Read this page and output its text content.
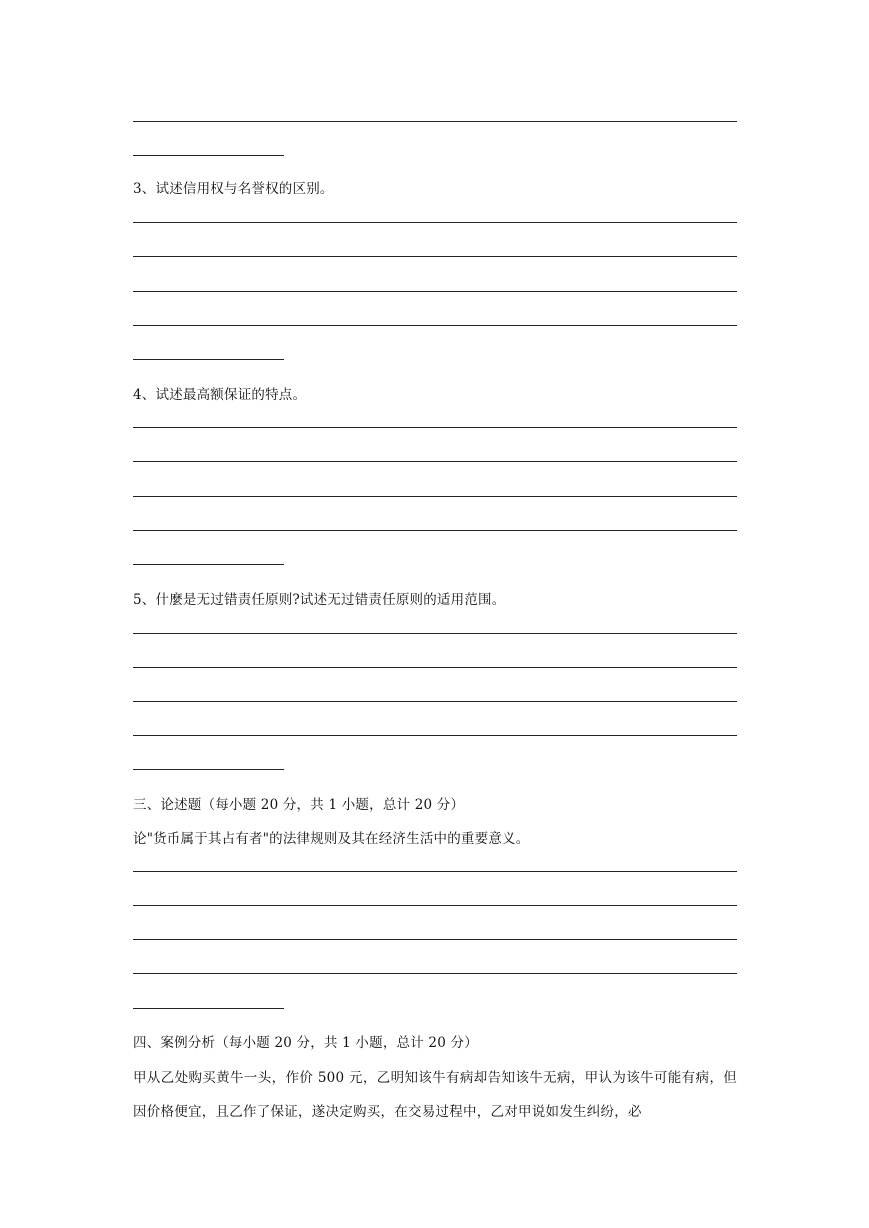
3、试述信用权与名誉权的区别。
4、试述最高额保证的特点。
5、什麼是无过错责任原则?试述无过错责任原则的适用范围。
三、论述题（每小题 20 分，共 1 小题，总计 20 分）
论"货币属于其占有者"的法律规则及其在经济生活中的重要意义。
四、案例分析（每小题 20 分，共 1 小题，总计 20 分）
甲从乙处购买黄牛一头，作价 500 元，乙明知该牛有病却告知该牛无病，甲认为该牛可能有病，但因价格便宜，且乙作了保证，遂决定购买，在交易过程中，乙对甲说如发生纠纷，必
